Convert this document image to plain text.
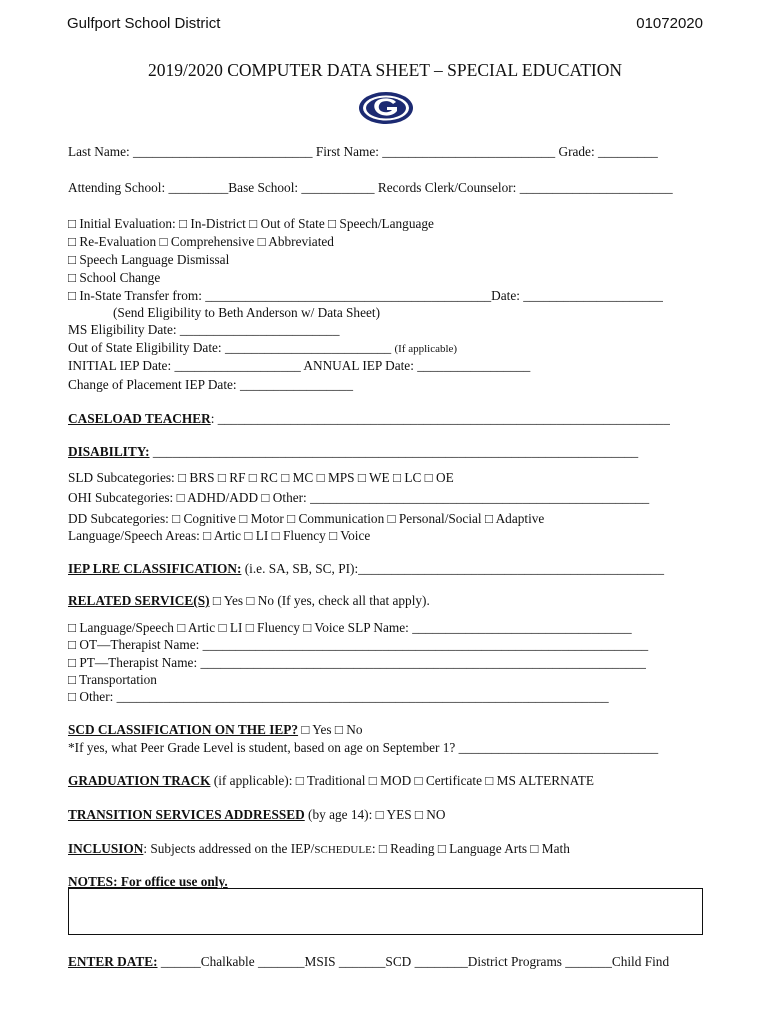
Gulfport School District	01072020
2019/2020 COMPUTER DATA SHEET – SPECIAL EDUCATION
Last Name: ___________________________ First Name: __________________________ Grade: _________
Attending School: _________Base School: ___________ Records Clerk/Counselor: _______________________
□ Initial Evaluation: □ In-District □ Out of State □ Speech/Language
□ Re-Evaluation □ Comprehensive □ Abbreviated
□ Speech Language Dismissal
□ School Change
□ In-State Transfer from: ___________________________________________Date: _____________________
(Send Eligibility to Beth Anderson w/ Data Sheet)
MS Eligibility Date: ________________________
Out of State Eligibility Date: _________________________ (If applicable)
INITIAL IEP Date: ___________________ ANNUAL IEP Date: _________________
Change of Placement IEP Date: _________________
CASELOAD TEACHER: ____________________________________________________________________
DISABILITY: _________________________________________________________________________
SLD Subcategories: □ BRS □ RF □ RC □ MC □ MPS □ WE □ LC □ OE
OHI Subcategories: □ ADHD/ADD □ Other: ___________________________________________________
DD Subcategories: □ Cognitive □ Motor □ Communication □ Personal/Social □ Adaptive
Language/Speech Areas: □ Artic □ LI □ Fluency □ Voice
IEP LRE CLASSIFICATION: (i.e. SA, SB, SC, PI):______________________________________________
RELATED SERVICE(S) □ Yes □ No (If yes, check all that apply).
□ Language/Speech □ Artic □ LI □ Fluency □ Voice SLP Name: _________________________________
□ OT—Therapist Name: ___________________________________________________________________
□ PT—Therapist Name: ___________________________________________________________________
□ Transportation
□ Other: __________________________________________________________________________
SCD CLASSIFICATION ON THE IEP? □ Yes □ No
*If yes, what Peer Grade Level is student, based on age on September 1? ______________________________
GRADUATION TRACK (if applicable): □ Traditional □ MOD □ Certificate □ MS ALTERNATE
TRANSITION SERVICES ADDRESSED (by age 14): □ YES □ NO
INCLUSION: Subjects addressed on the IEP/SCHEDULE: □ Reading □ Language Arts □ Math
NOTES: For office use only.
ENTER DATE: ______Chalkable _______MSIS _______SCD ________District Programs _______Child Find
